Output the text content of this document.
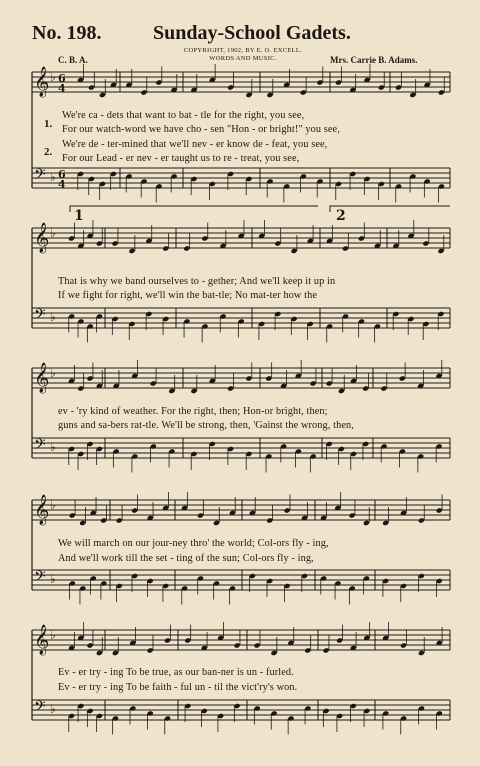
No. 198.	Sunday-School Gadets.
COPYRIGHT, 1902, BY E. O. EXCELL.
WORDS AND MUSIC.
C. B. A.	Mrs. Carrie B. Adams.
𝄞 ♭ 6
4
𝄢 ♭ 6
4
𝄞 ♭
𝄢 ♭
𝄞 ♭
𝄢 ♭
𝄞 ♭
𝄢 ♭
𝄞 ♭
𝄢 ♭
1	2
1.
2.
We're ca - dets that want to bat - tle for the right, you see,
For our watch-word we have cho - sen "Hon - or bright!" you see,
We're de - ter-mined that we'll nev - er know de - feat, you see,
For our Lead - er nev - er taught us to re - treat, you see,
That is why we band ourselves to - gether; And we'll keep it up in
If we fight for right, we'll win the bat-tle; No mat-ter how the
ev - 'ry kind of weather. For the right, then; Hon-or bright, then;
guns and sa-bers rat-tle. We'll be strong, then, 'Gainst the wrong, then,
We will march on our jour-ney thro' the world; Col-ors fly - ing,
And we'll work till the set - ting of the sun; Col-ors fly - ing,
Ev - er try - ing To be true, as our ban-ner is un - furled.
Ev - er try - ing To be faith - ful un - til the vict'ry's won.
